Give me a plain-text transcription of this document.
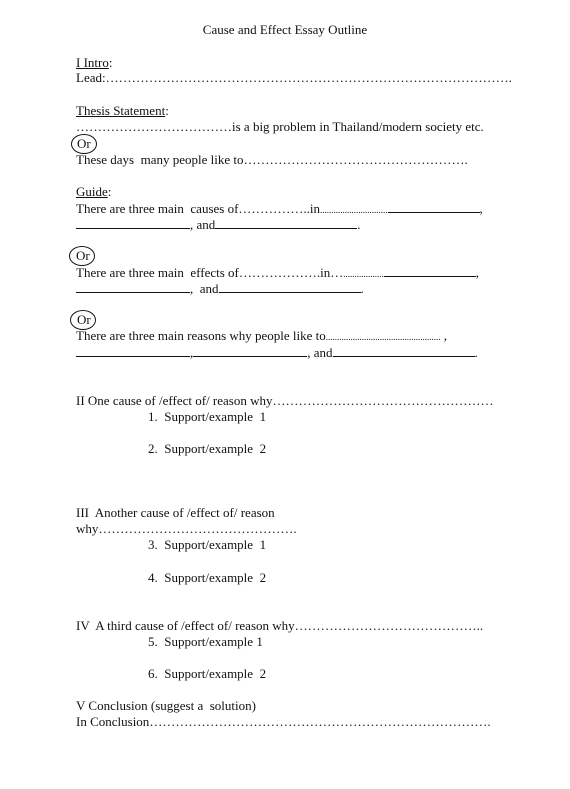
Cause and Effect Essay Outline
I Intro:
Lead:………………………………………………………………………………….
Thesis Statement:
………………………………is a big problem in Thailand/modern society etc.
Or
These days  many people like to…………………………………………….
Guide:
There are three main  causes of……………..in..............................	,
, and	.
Or
There are three main  effects of……………….in…..................	,
,  and	.
Or
There are three main reasons why people like to................................................... ,
,	, and	.
II One cause of /effect of/ reason why……………………………………………
1.  Support/example  1
2.  Support/example  2
III  Another cause of /effect of/ reason
why……………………………………….
3.  Support/example  1
4.  Support/example  2
IV  A third cause of /effect of/ reason why……………………………………..
5.  Support/example 1
6.  Support/example  2
V Conclusion (suggest a  solution)
In Conclusion…………………………………………………………………….
